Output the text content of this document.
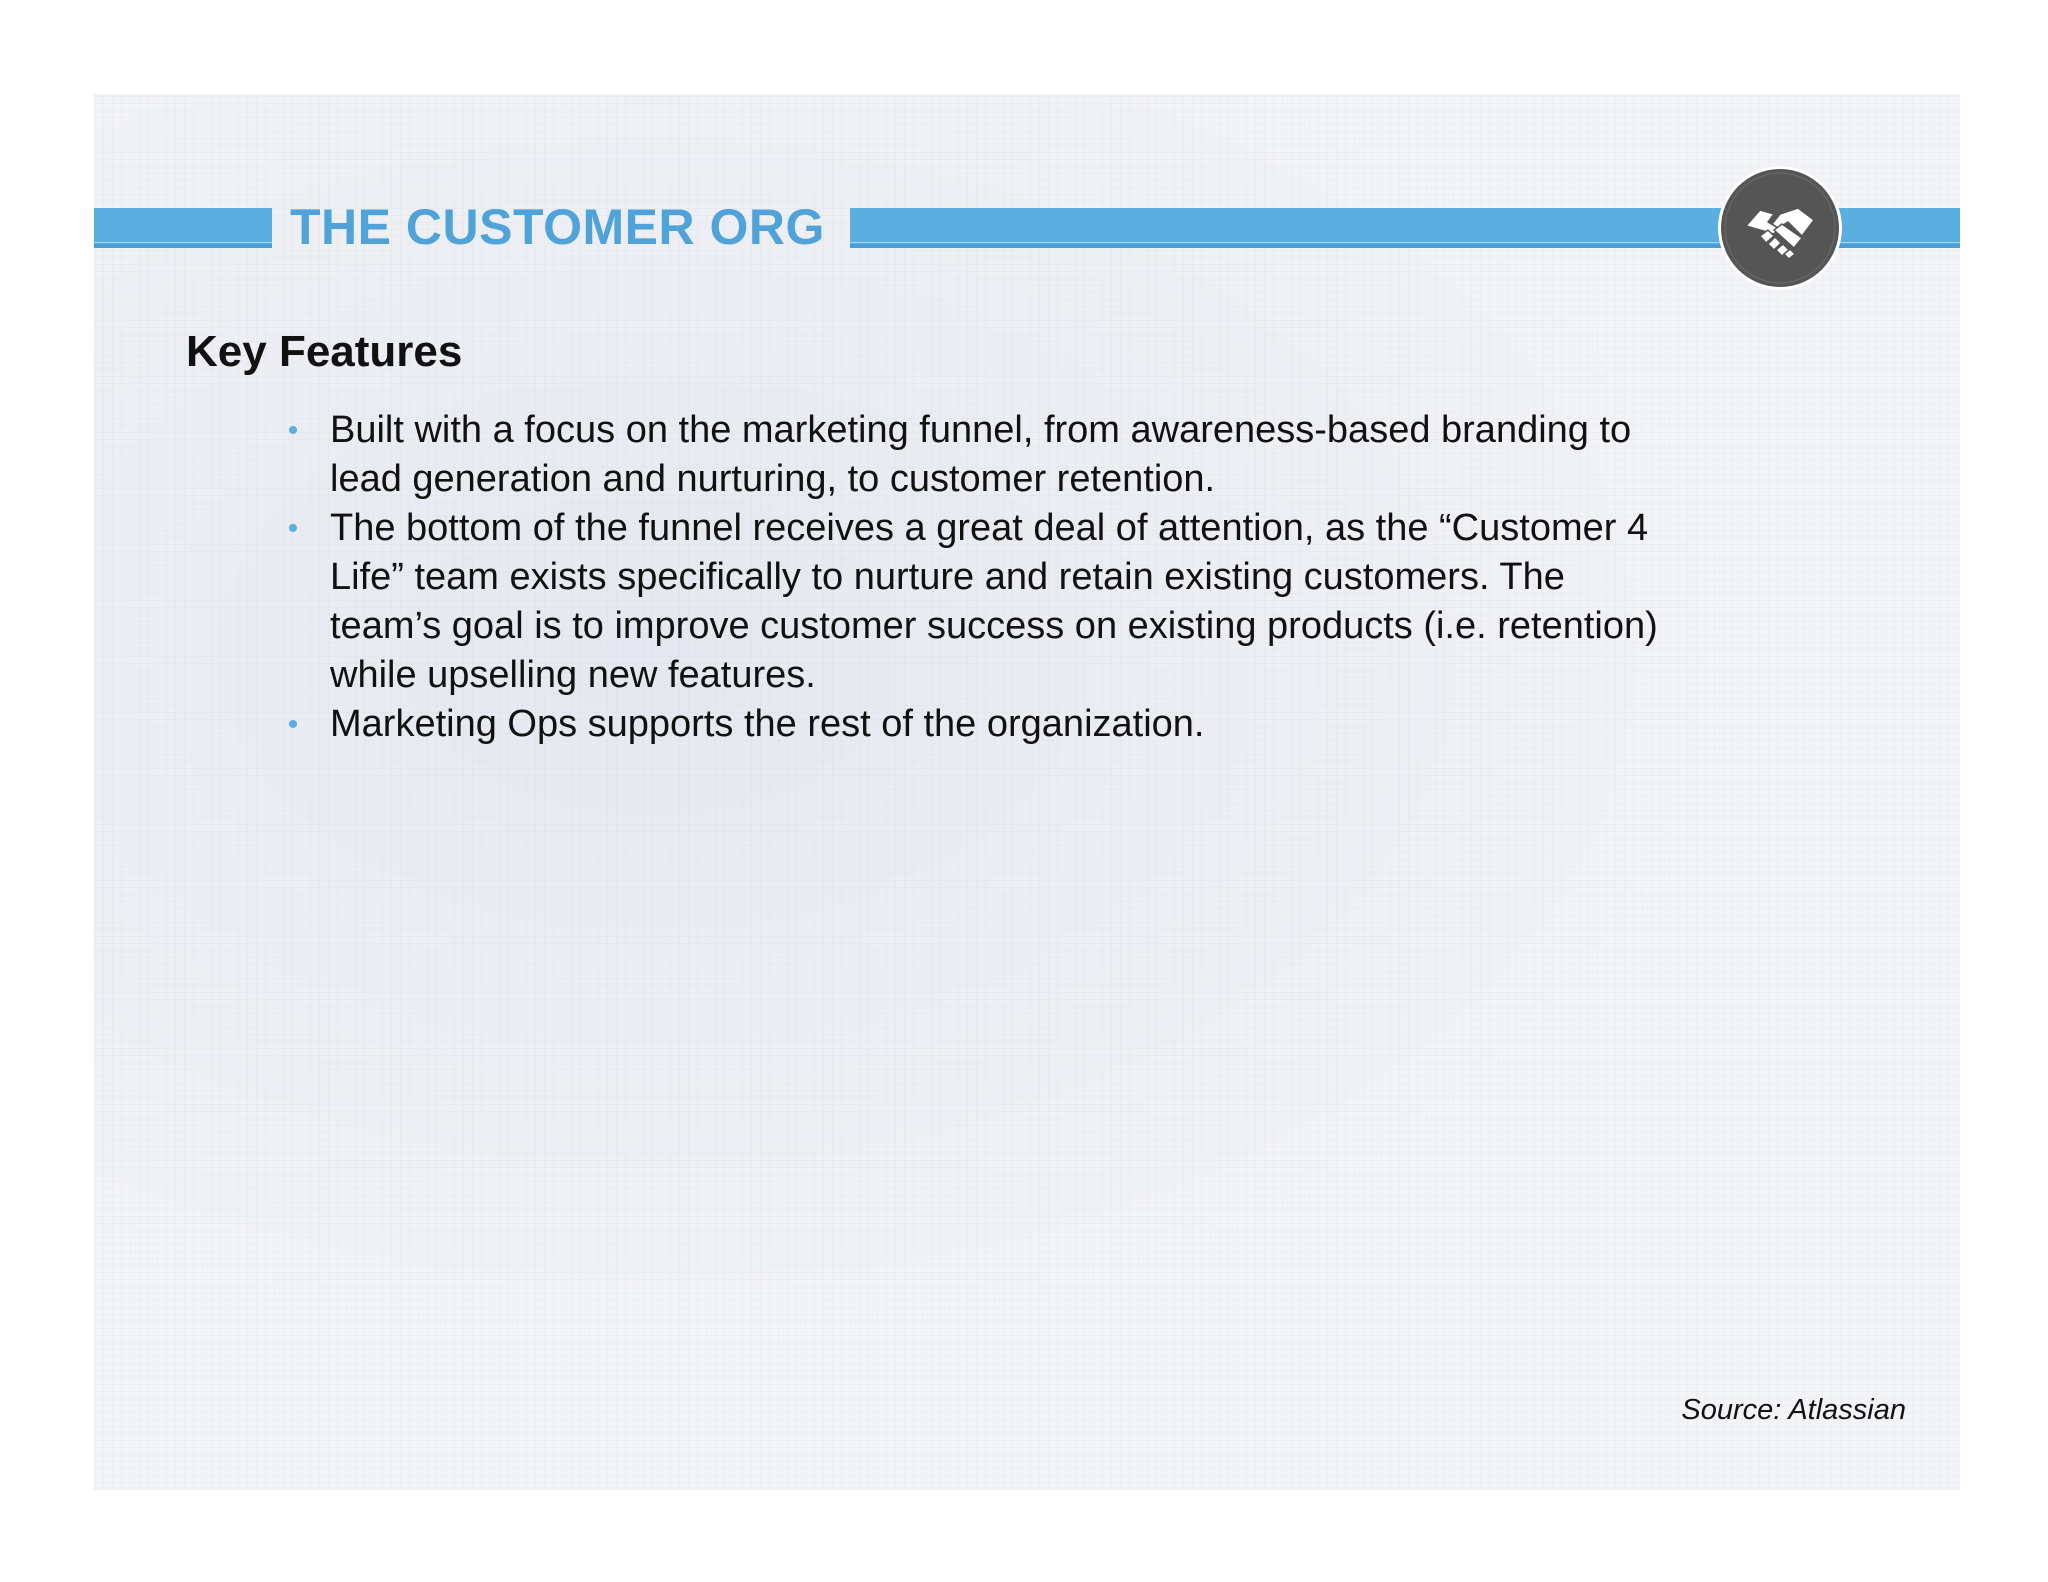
THE CUSTOMER ORG
Key Features
• Built with a focus on the marketing funnel, from awareness-based branding to lead generation and nurturing, to customer retention.
• The bottom of the funnel receives a great deal of attention, as the “Customer 4 Life” team exists specifically to nurture and retain existing customers. The team’s goal is to improve customer success on existing products (i.e. retention) while upselling new features.
• Marketing Ops supports the rest of the organization.
Source: Atlassian
